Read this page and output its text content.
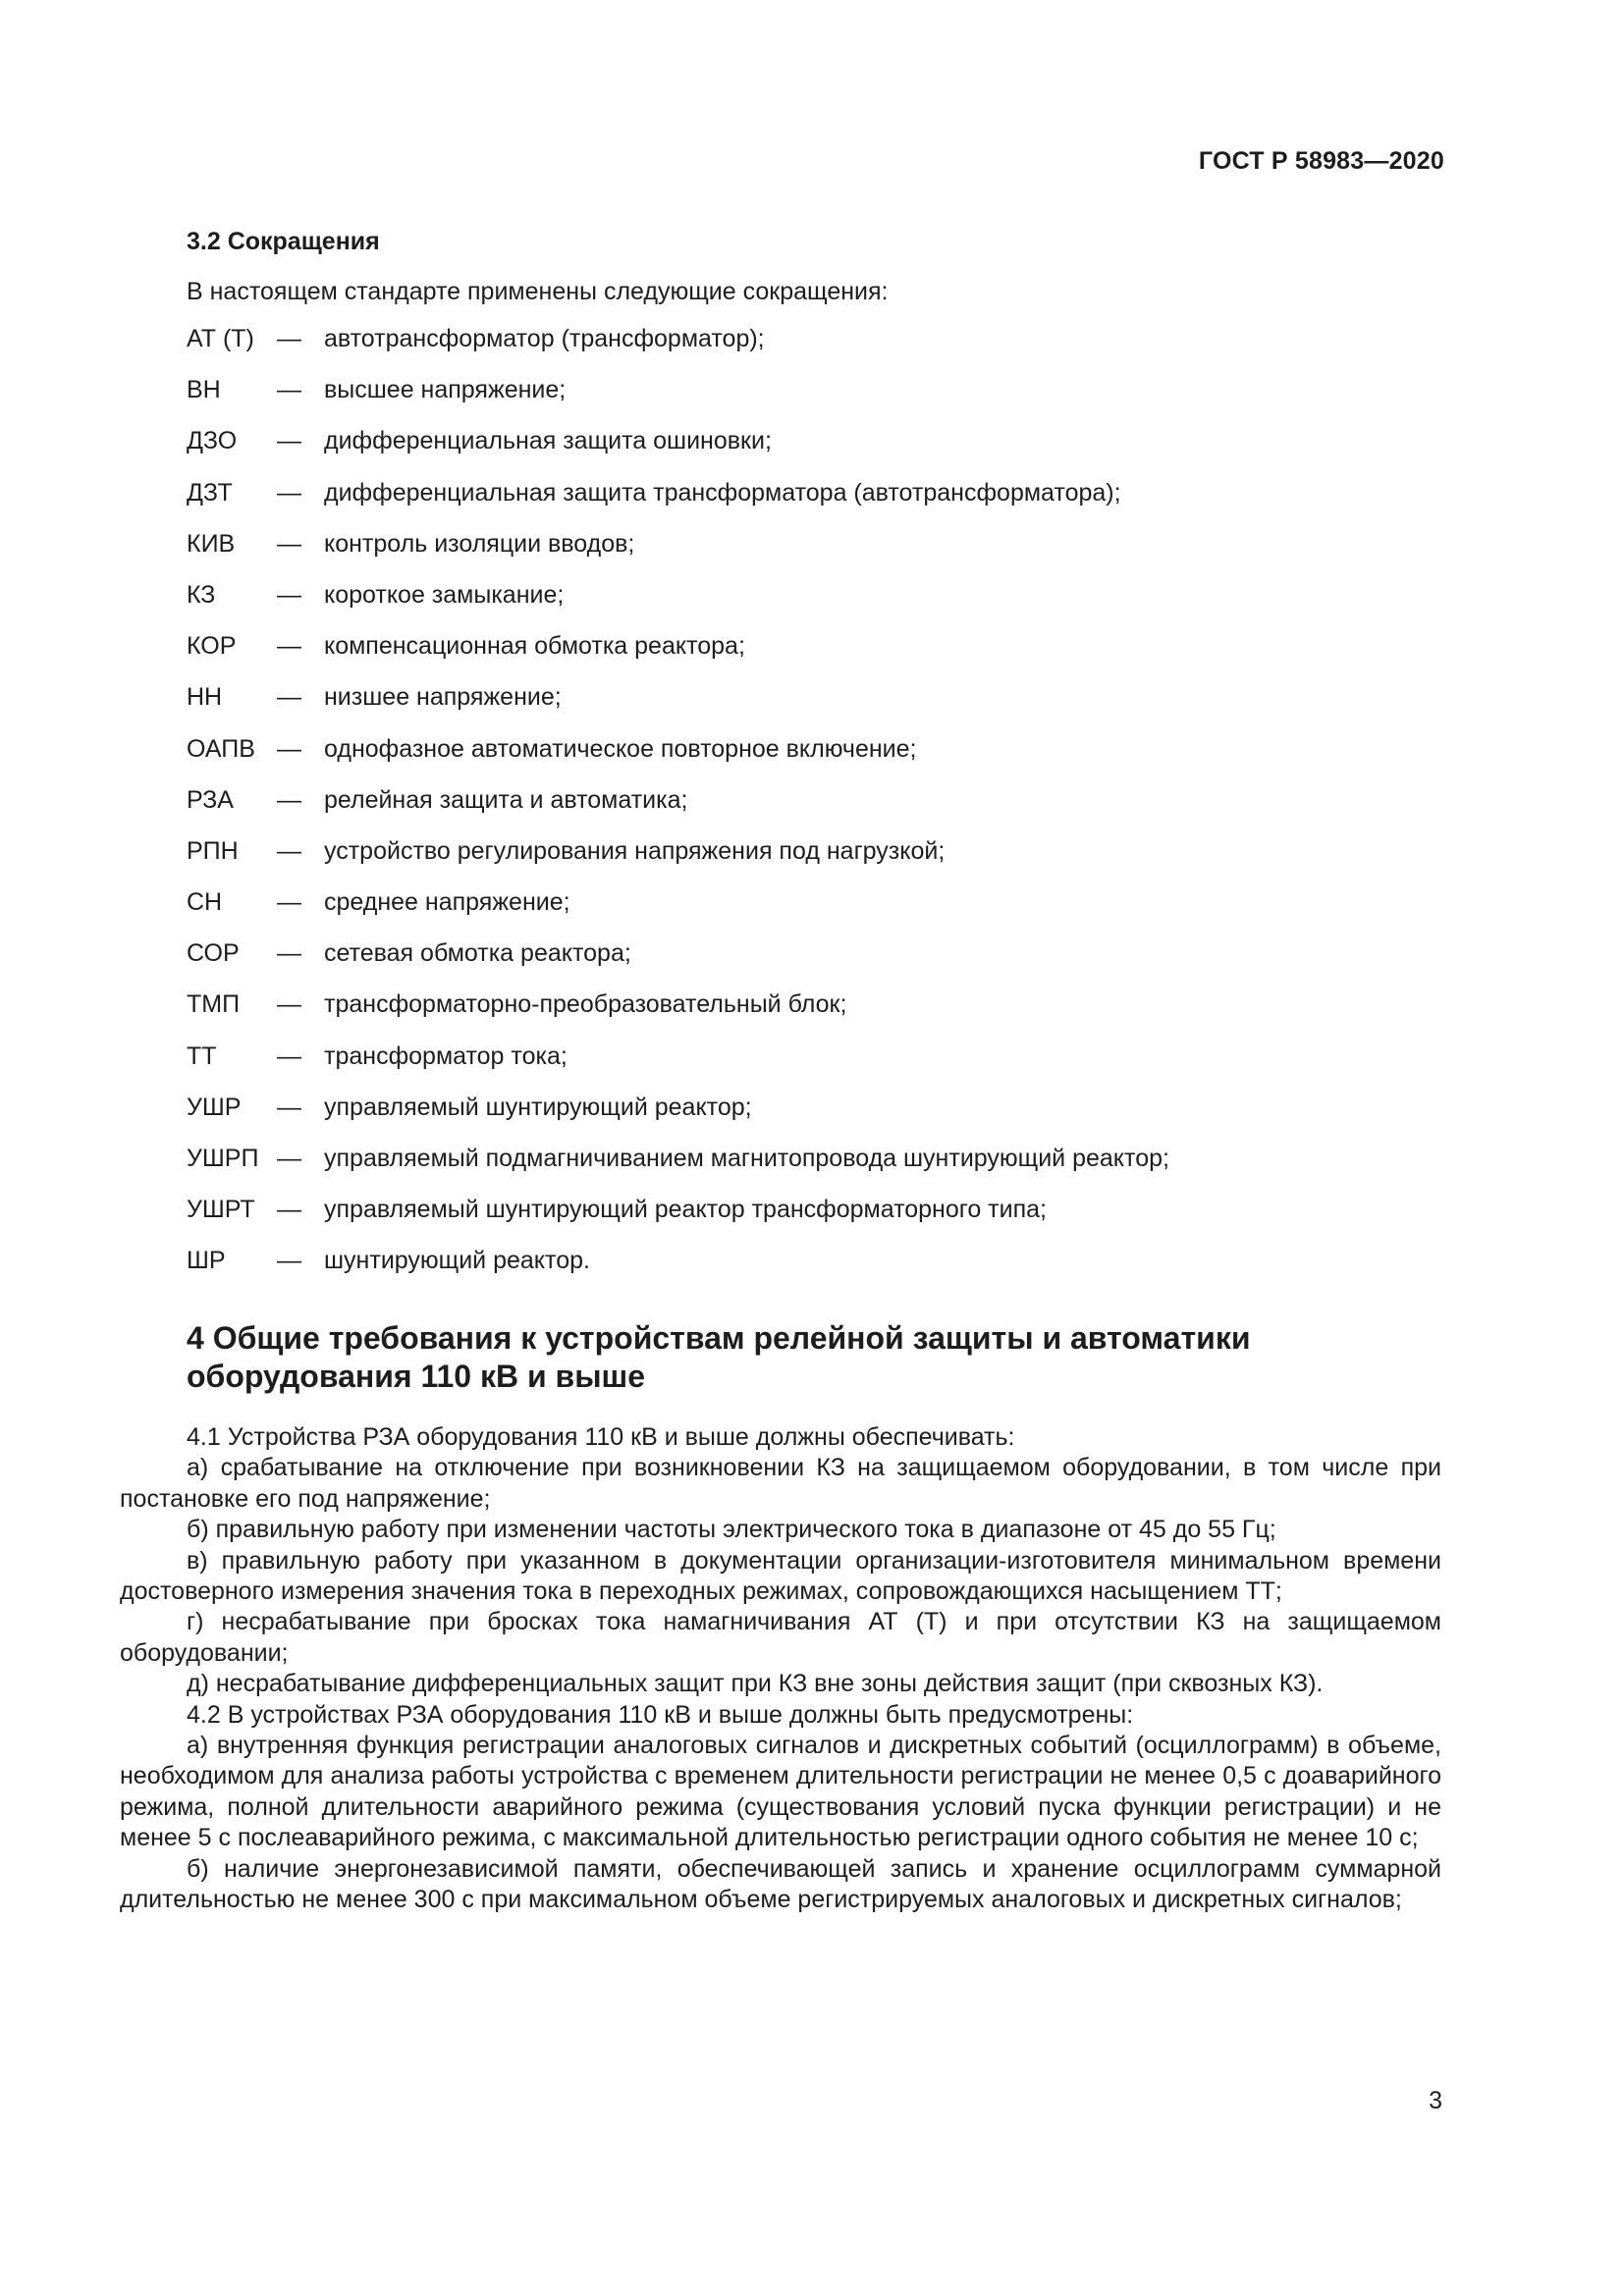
ГОСТ Р 58983—2020
3.2 Сокращения
В настоящем стандарте применены следующие сокращения:
АТ (Т) — автотрансформатор (трансформатор);
ВН	— высшее напряжение;
ДЗО	— дифференциальная защита ошиновки;
ДЗТ	— дифференциальная защита трансформатора (автотрансформатора);
КИВ	— контроль изоляции вводов;
КЗ	— короткое замыкание;
КОР	— компенсационная обмотка реактора;
НН	— низшее напряжение;
ОАПВ — однофазное автоматическое повторное включение;
РЗА	— релейная защита и автоматика;
РПН	— устройство регулирования напряжения под нагрузкой;
СН	— среднее напряжение;
СОР	— сетевая обмотка реактора;
ТМП	— трансформаторно-преобразовательный блок;
ТТ	— трансформатор тока;
УШР	— управляемый шунтирующий реактор;
УШРП — управляемый подмагничиванием магнитопровода шунтирующий реактор;
УШРТ — управляемый шунтирующий реактор трансформаторного типа;
ШР	— шунтирующий реактор.
4 Общие требования к устройствам релейной защиты и автоматики оборудования 110 кВ и выше

4.1 Устройства РЗА оборудования 110 кВ и выше должны обеспечивать:

а) срабатывание на отключение при возникновении КЗ на защищаемом оборудовании, в том числе при постановке его под напряжение;

б) правильную работу при изменении частоты электрического тока в диапазоне от 45 до 55 Гц;

в) правильную работу при указанном в документации организации-изготовителя минимальном времени достоверного измерения значения тока в переходных режимах, сопровождающихся насыщением ТТ;

г) несрабатывание при бросках тока намагничивания АТ (Т) и при отсутствии КЗ на защищаемом оборудовании;

д) несрабатывание дифференциальных защит при КЗ вне зоны действия защит (при сквозных КЗ).

4.2 В устройствах РЗА оборудования 110 кВ и выше должны быть предусмотрены:

а) внутренняя функция регистрации аналоговых сигналов и дискретных событий (осциллограмм) в объеме, необходимом для анализа работы устройства с временем длительности регистрации не менее 0,5 с доаварийного режима, полной длительности аварийного режима (существования условий пуска функции регистрации) и не менее 5 с послеаварийного режима, с максимальной длительностью регистрации одного события не менее 10 с;

б) наличие энергонезависимой памяти, обеспечивающей запись и хранение осциллограмм суммарной длительностью не менее 300 с при максимальном объеме регистрируемых аналоговых и дискретных сигналов;

3
